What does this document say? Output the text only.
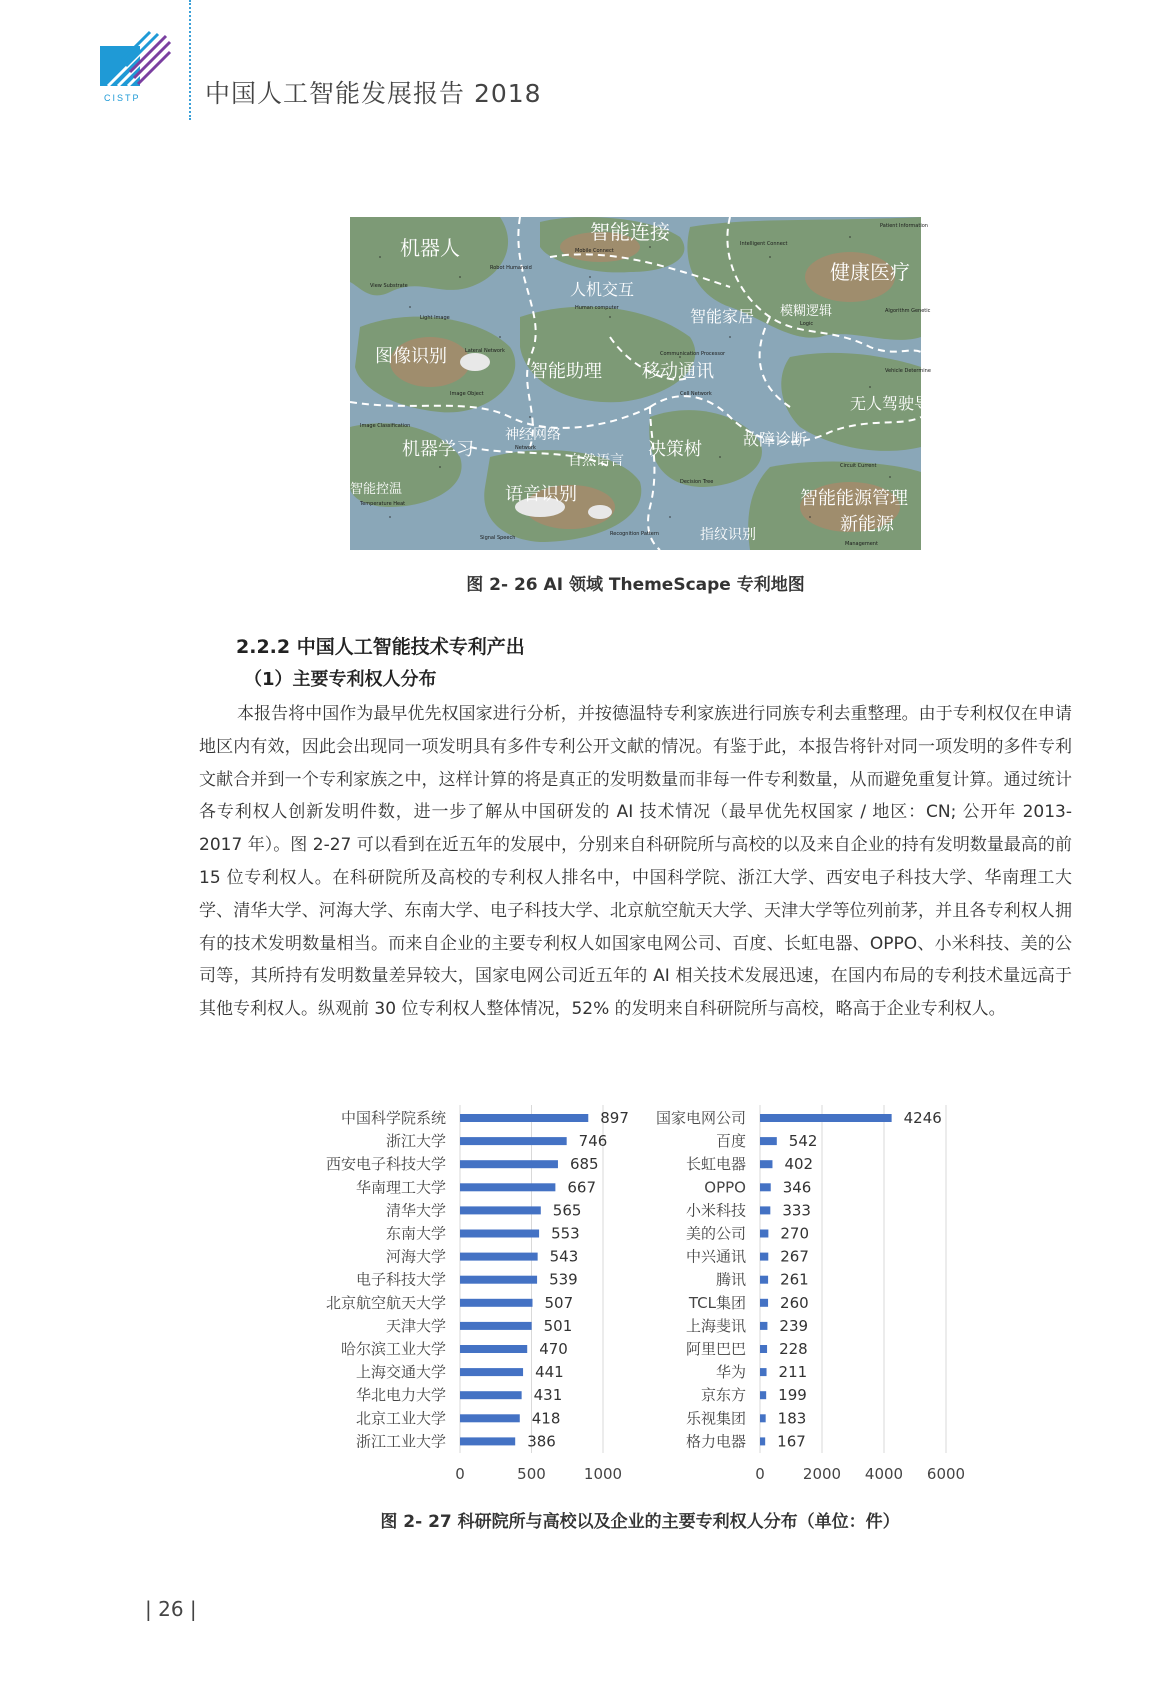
CISTP	中国人工智能发展报告 2018
机器人
智能连接
健康医疗
人机交互
智能家居 模糊逻辑
图像识别
智能助理 移动通讯
无人驾驶导航
机器学习
神经网络
自然语言
决策树	故障诊断
智能控温	语音识别	智能能源管理
新能源
指纹识别
Patient Information
Intelligent Connect
Mobile Connect
Robot Humanoid
View Substrate
Human computer	Algorithm Genetic
Logic
Light Image
Lateral Network	Communication Processor
Vehicle Determine
Cell Network
Image Object
Image Classification
Network
Circuit Current
Decision Tree
Temperature Heat
Signal Speech
Recognition Pattern
Management
图 2- 26 AI 领域 ThemeScape 专利地图
2.2.2 中国人工智能技术专利产出
（1）主要专利权人分布
本报告将中国作为最早优先权国家进行分析，并按德温特专利家族进行同族专利去重整理。由于专利权仅在申请地区内有效，因此会出现同一项发明具有多件专利公开文献的情况。有鉴于此，本报告将针对同一项发明的多件专利文献合并到一个专利家族之中，这样计算的将是真正的发明数量而非每一件专利数量，从而避免重复计算。通过统计各专利权人创新发明件数，进一步了解从中国研发的 AI 技术情况（最早优先权国家 / 地区：CN; 公开年 2013-2017 年）。图 2-27 可以看到在近五年的发展中，分别来自科研院所与高校的以及来自企业的持有发明数量最高的前 15 位专利权人。在科研院所及高校的专利权人排名中，中国科学院、浙江大学、西安电子科技大学、华南理工大学、清华大学、河海大学、东南大学、电子科技大学、北京航空航天大学、天津大学等位列前茅，并且各专利权人拥有的技术发明数量相当。而来自企业的主要专利权人如国家电网公司、百度、长虹电器、OPPO、小米科技、美的公司等，其所持有发明数量差异较大，国家电网公司近五年的 AI 相关技术发展迅速，在国内布局的专利技术量远高于其他专利权人。纵观前 30 位专利权人整体情况，52% 的发明来自科研院所与高校，略高于企业专利权人。
0	500	1000
中国科学院系统	897
浙江大学	746
西安电子科技大学	685
华南理工大学	667
清华大学	565
东南大学	553
河海大学	543
电子科技大学	539
北京航空航天大学	507
天津大学	501
哈尔滨工业大学	470
上海交通大学	441
华北电力大学	431
北京工业大学	418
浙江工业大学	386
0	2000 4000 6000
国家电网公司	4246
百度	542
长虹电器	402
OPPO 346
小米科技 333
美的公司 270
中兴通讯 267
腾讯 261
TCL集团 260
上海斐讯 239
阿里巴巴 228
华为 211
京东方 199
乐视集团 183
格力电器 167
图 2- 27 科研院所与高校以及企业的主要专利权人分布（单位：件）
| 26 |
